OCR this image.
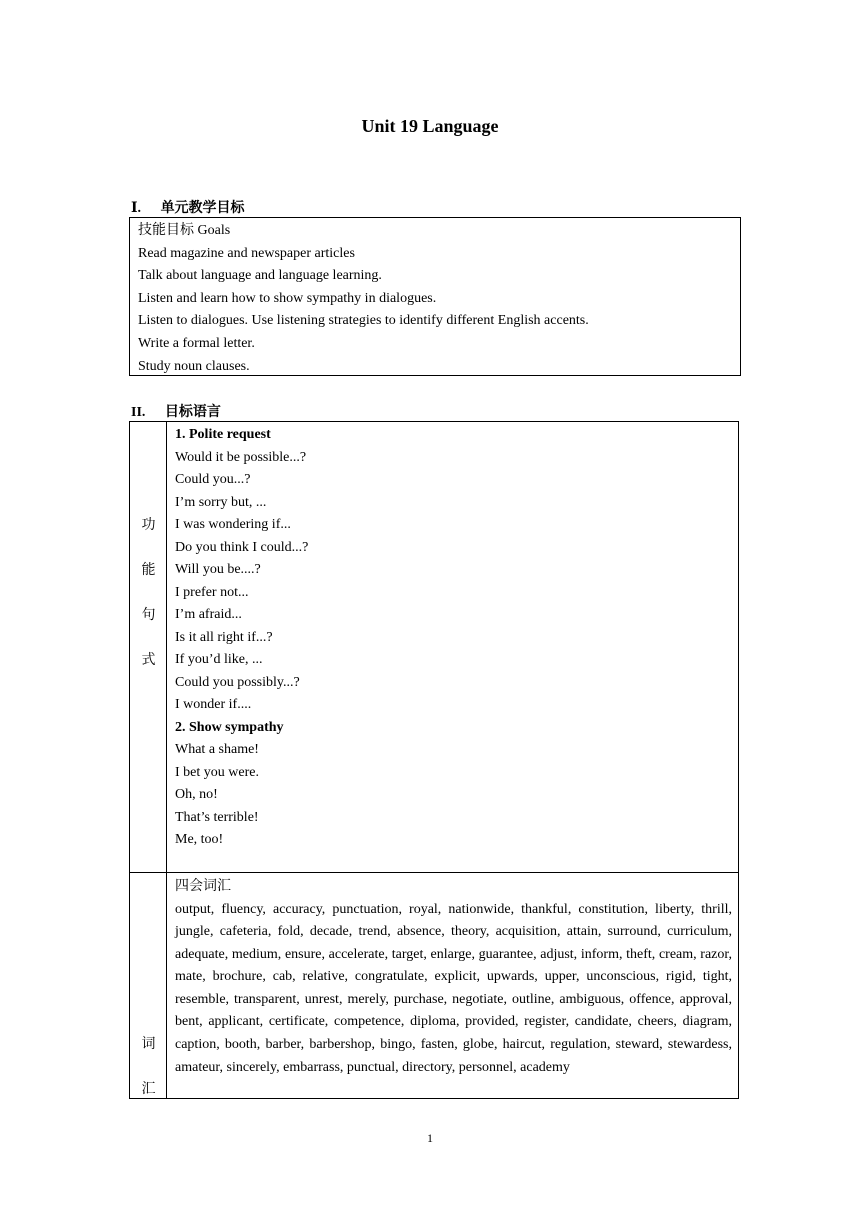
Unit 19 Language
Ⅰ. 单元教学目标
技能目标 Goals
Read magazine and newspaper articles
Talk about language and language learning.
Listen and learn how to show sympathy in dialogues.
Listen to dialogues. Use listening strategies to identify different English accents.
Write a formal letter.
Study noun clauses.
II. 目标语言
功
能
句
式
1. Polite request
Would it be possible...?
Could you...?
I’m sorry but, ...
I was wondering if...
Do you think I could...?
Will you be....?
I prefer not...
I’m afraid...
Is it all right if...?
If you’d like, ...
Could you possibly...?
I wonder if....
2. Show sympathy
What a shame!
I bet you were.
Oh, no!
That’s terrible!
Me, too!
词
汇
四会词汇
output, fluency, accuracy, punctuation, royal, nationwide, thankful, constitution, liberty, thrill, jungle, cafeteria, fold, decade, trend, absence, theory, acquisition, attain, surround, curriculum, adequate, medium, ensure, accelerate, target, enlarge, guarantee, adjust, inform, theft, cream, razor, mate, brochure, cab, relative, congratulate, explicit, upwards, upper, unconscious, rigid, tight, resemble, transparent, unrest, merely, purchase, negotiate, outline, ambiguous, offence, approval, bent, applicant, certificate, competence, diploma, provided, register, candidate, cheers, diagram, caption, booth, barber, barbershop, bingo, fasten, globe, haircut, regulation, steward, stewardess, amateur, sincerely, embarrass, punctual, directory, personnel, academy
1
